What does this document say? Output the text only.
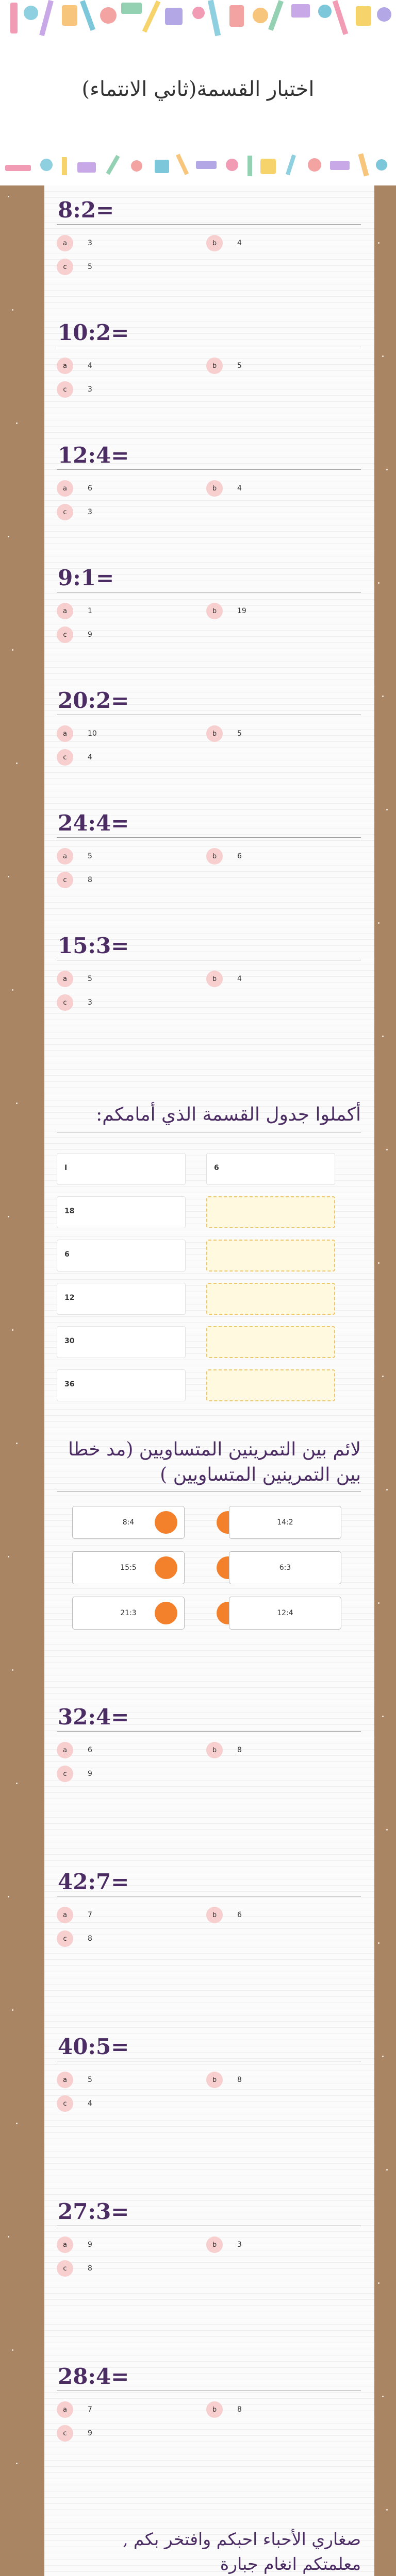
اختبار القسمة(ثاني الانتماء)
أكملوا جدول القسمة الذي أمامكم:
I	6
18
6
12
30
36
لائم بين التمرينين المتساويين (مد خطا بين التمرينين المتساويين )
8:4	14:2
15:5	6:3
21:3	12:4
صغاري الأحباء احبكم وافتخر بكم ,
معلمتكم انغام جبارة
8:2=
a	3	b	4
c	5
10:2=
a	4	b	5
c	3
12:4=
a	6	b	4
c	3
9:1=
a	1	b	19
c	9
20:2=
a	10	b	5
c	4
24:4=
a	5	b	6
c	8
15:3=
a	5	b	4
c	3
32:4=
a	6	b	8
c	9
42:7=
a	7	b	6
c	8
40:5=
a	5	b	8
c	4
27:3=
a	9	b	3
c	8
28:4=
a	7	b	8
c	9
